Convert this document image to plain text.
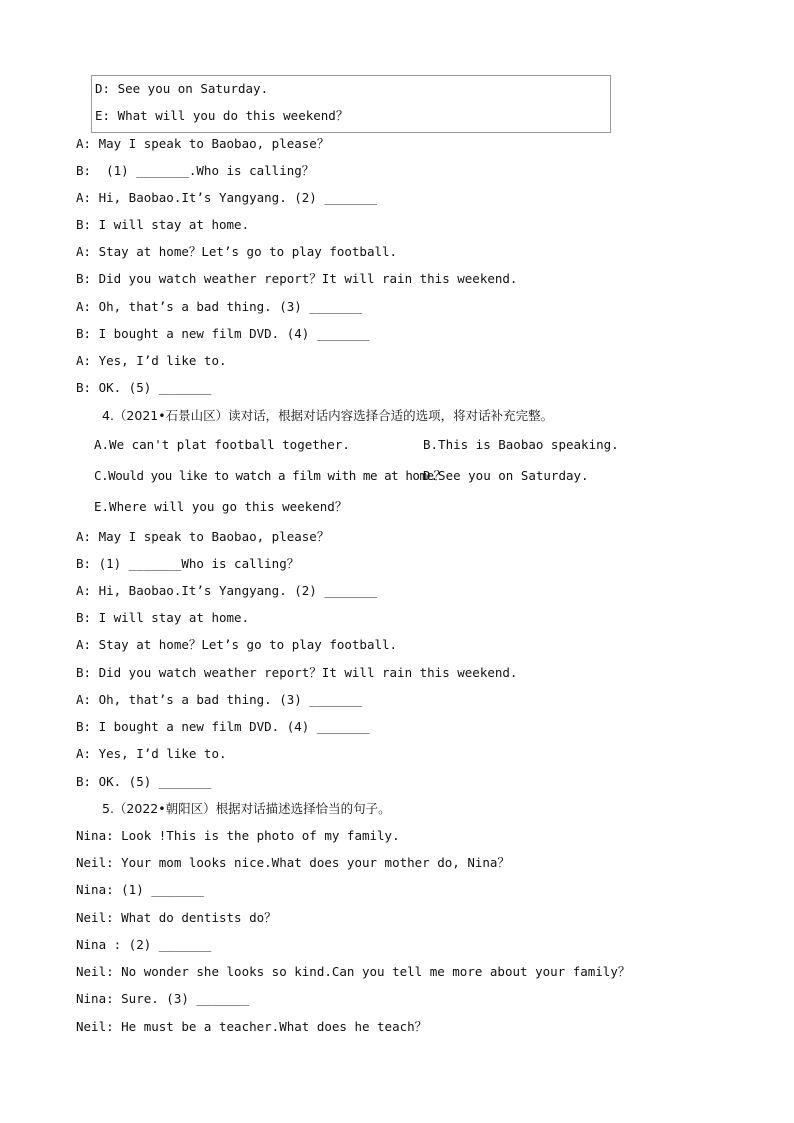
D: See you on Saturday.
E: What will you do this weekend？
A: May I speak to Baobao, please？
B:  (1) _______.Who is calling？
A: Hi, Baobao.It’s Yangyang. (2) _______
B: I will stay at home.
A: Stay at home？Let’s go to play football.
B: Did you watch weather report？It will rain this weekend.
A: Oh, that’s a bad thing. (3) _______
B: I bought a new film DVD. (4) _______
A: Yes, I’d like to.
B: OK. (5) _______
4.（2021•石景山区）读对话，根据对话内容选择合适的选项，将对话补充完整。
A.We can't plat football together.	B.This is Baobao speaking.
C.Would you like to watch a film with me at home？
D.See you on Saturday.
E.Where will you go this weekend？
A: May I speak to Baobao, please？
B: (1) _______Who is calling？
A: Hi, Baobao.It’s Yangyang. (2) _______
B: I will stay at home.
A: Stay at home？Let’s go to play football.
B: Did you watch weather report？It will rain this weekend.
A: Oh, that’s a bad thing. (3) _______
B: I bought a new film DVD. (4) _______
A: Yes, I’d like to.
B: OK. (5) _______
5.（2022•朝阳区）根据对话描述选择恰当的句子。
Nina: Look !This is the photo of my family.
Neil: Your mom looks nice.What does your mother do, Nina？
Nina: (1) _______
Neil: What do dentists do？
Nina : (2) _______
Neil: No wonder she looks so kind.Can you tell me more about your family？
Nina: Sure. (3) _______
Neil: He must be a teacher.What does he teach？
